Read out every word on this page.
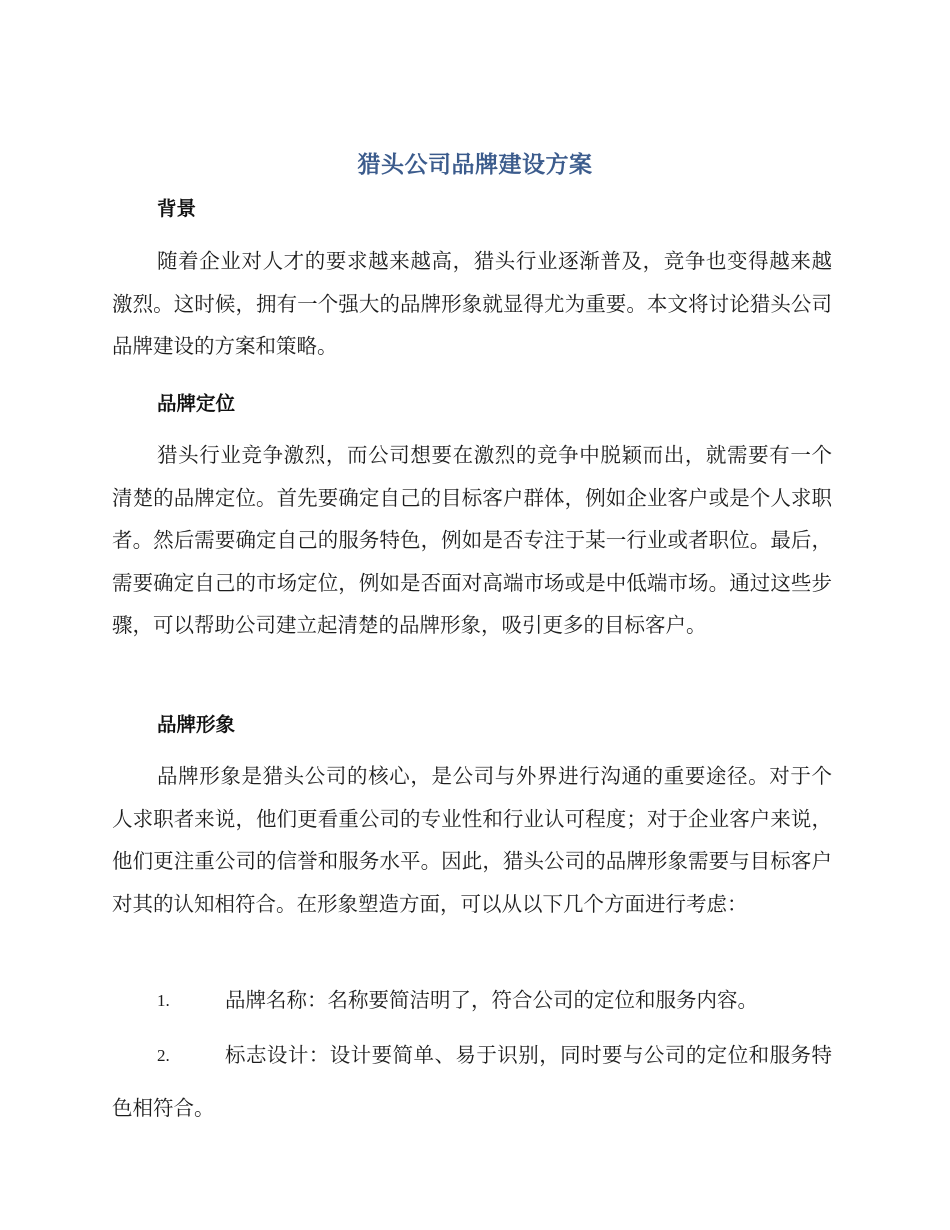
猎头公司品牌建设方案
背景

随着企业对人才的要求越来越高，猎头行业逐渐普及，竞争也变得越来越激烈。这时候，拥有一个强大的品牌形象就显得尤为重要。本文将讨论猎头公司品牌建设的方案和策略。

品牌定位

猎头行业竞争激烈，而公司想要在激烈的竞争中脱颖而出，就需要有一个清楚的品牌定位。首先要确定自己的目标客户群体，例如企业客户或是个人求职者。然后需要确定自己的服务特色，例如是否专注于某一行业或者职位。最后，需要确定自己的市场定位，例如是否面对高端市场或是中低端市场。通过这些步骤，可以帮助公司建立起清楚的品牌形象，吸引更多的目标客户。

品牌形象

品牌形象是猎头公司的核心，是公司与外界进行沟通的重要途径。对于个人求职者来说，他们更看重公司的专业性和行业认可程度；对于企业客户来说，他们更注重公司的信誉和服务水平。因此，猎头公司的品牌形象需要与目标客户对其的认知相符合。在形象塑造方面，可以从以下几个方面进行考虑：

1.	品牌名称：名称要简洁明了，符合公司的定位和服务内容。
2.	标志设计：设计要简单、易于识别，同时要与公司的定位和服务特色相符合。
